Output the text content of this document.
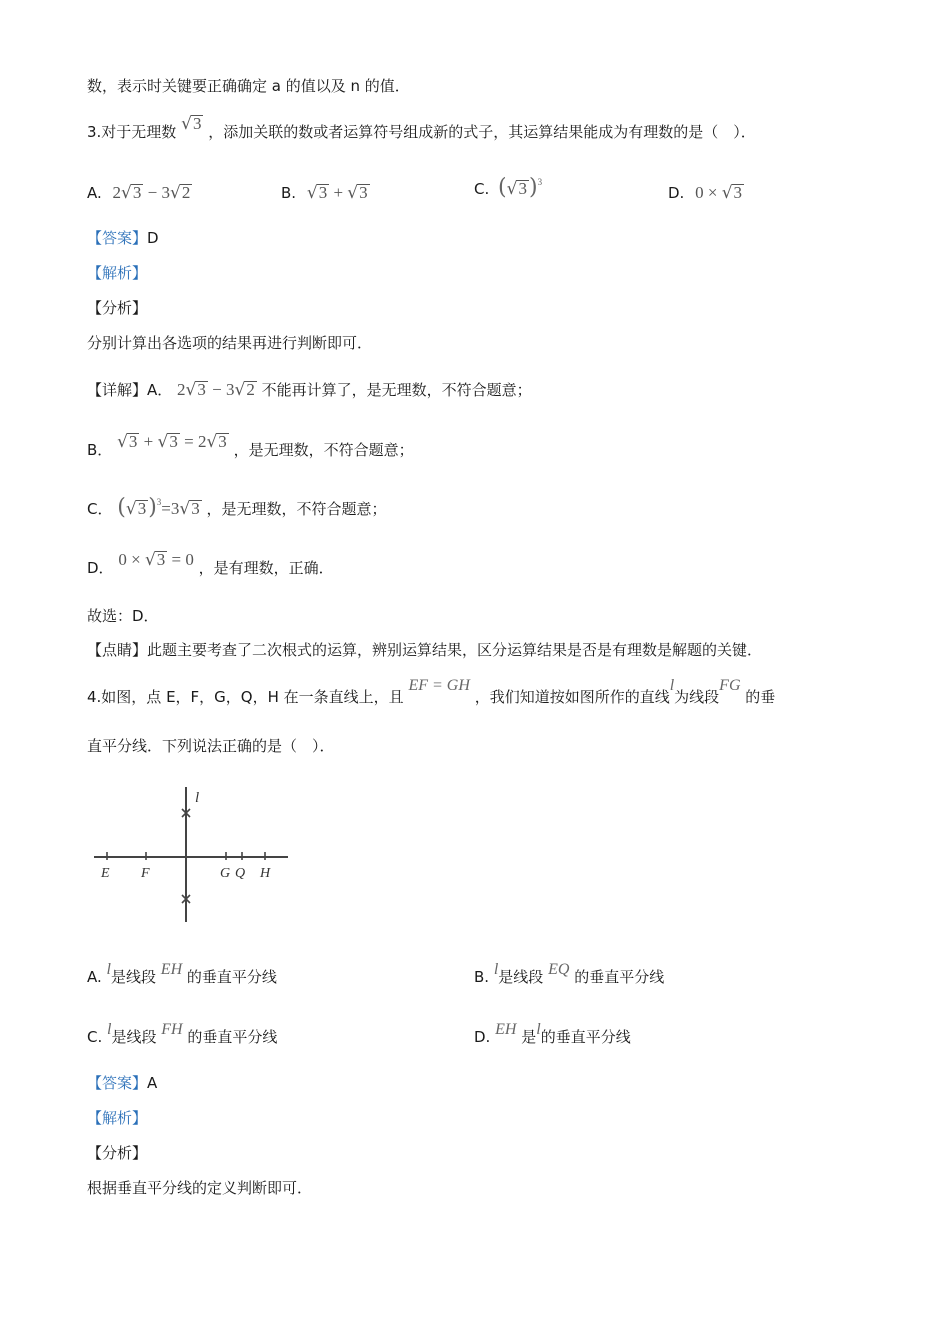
数，表示时关键要正确确定 a 的值以及 n 的值．
3.对于无理数 √3 ，添加关联的数或者运算符号组成新的式子，其运算结果能成为有理数的是（　）．
A. 2√3 − 3√2	B. √3 + √3	C. $(√3)^3$
D. 0 × √3
【答案】D
【解析】
【分析】
分别计算出各选项的结果再进行判断即可．
【详解】A． 2√3 − 3√2 不能再计算了，是无理数，不符合题意；
B． √3 + √3 = 2√3 ，是无理数，不符合题意；
C． $(√3)^3=3√3$ ，是无理数，不符合题意；
D． 0 × √3 = 0 ，是有理数，正确．
故选：D．
【点睛】此题主要考查了二次根式的运算，辨别运算结果，区分运算结果是否是有理数是解题的关键．
4.如图，点 E，F，G，Q，H 在一条直线上，且 EF = GH ，我们知道按如图所作的直线l为线段FG 的垂
直平分线．下列说法正确的是（　）．
l
E F	G Q H
A. l是线段 EH 的垂直平分线	B. l是线段 EQ 的垂直平分线
C. l是线段 FH 的垂直平分线	D. EH 是l的垂直平分线
【答案】A
【解析】
【分析】
根据垂直平分线的定义判断即可．
